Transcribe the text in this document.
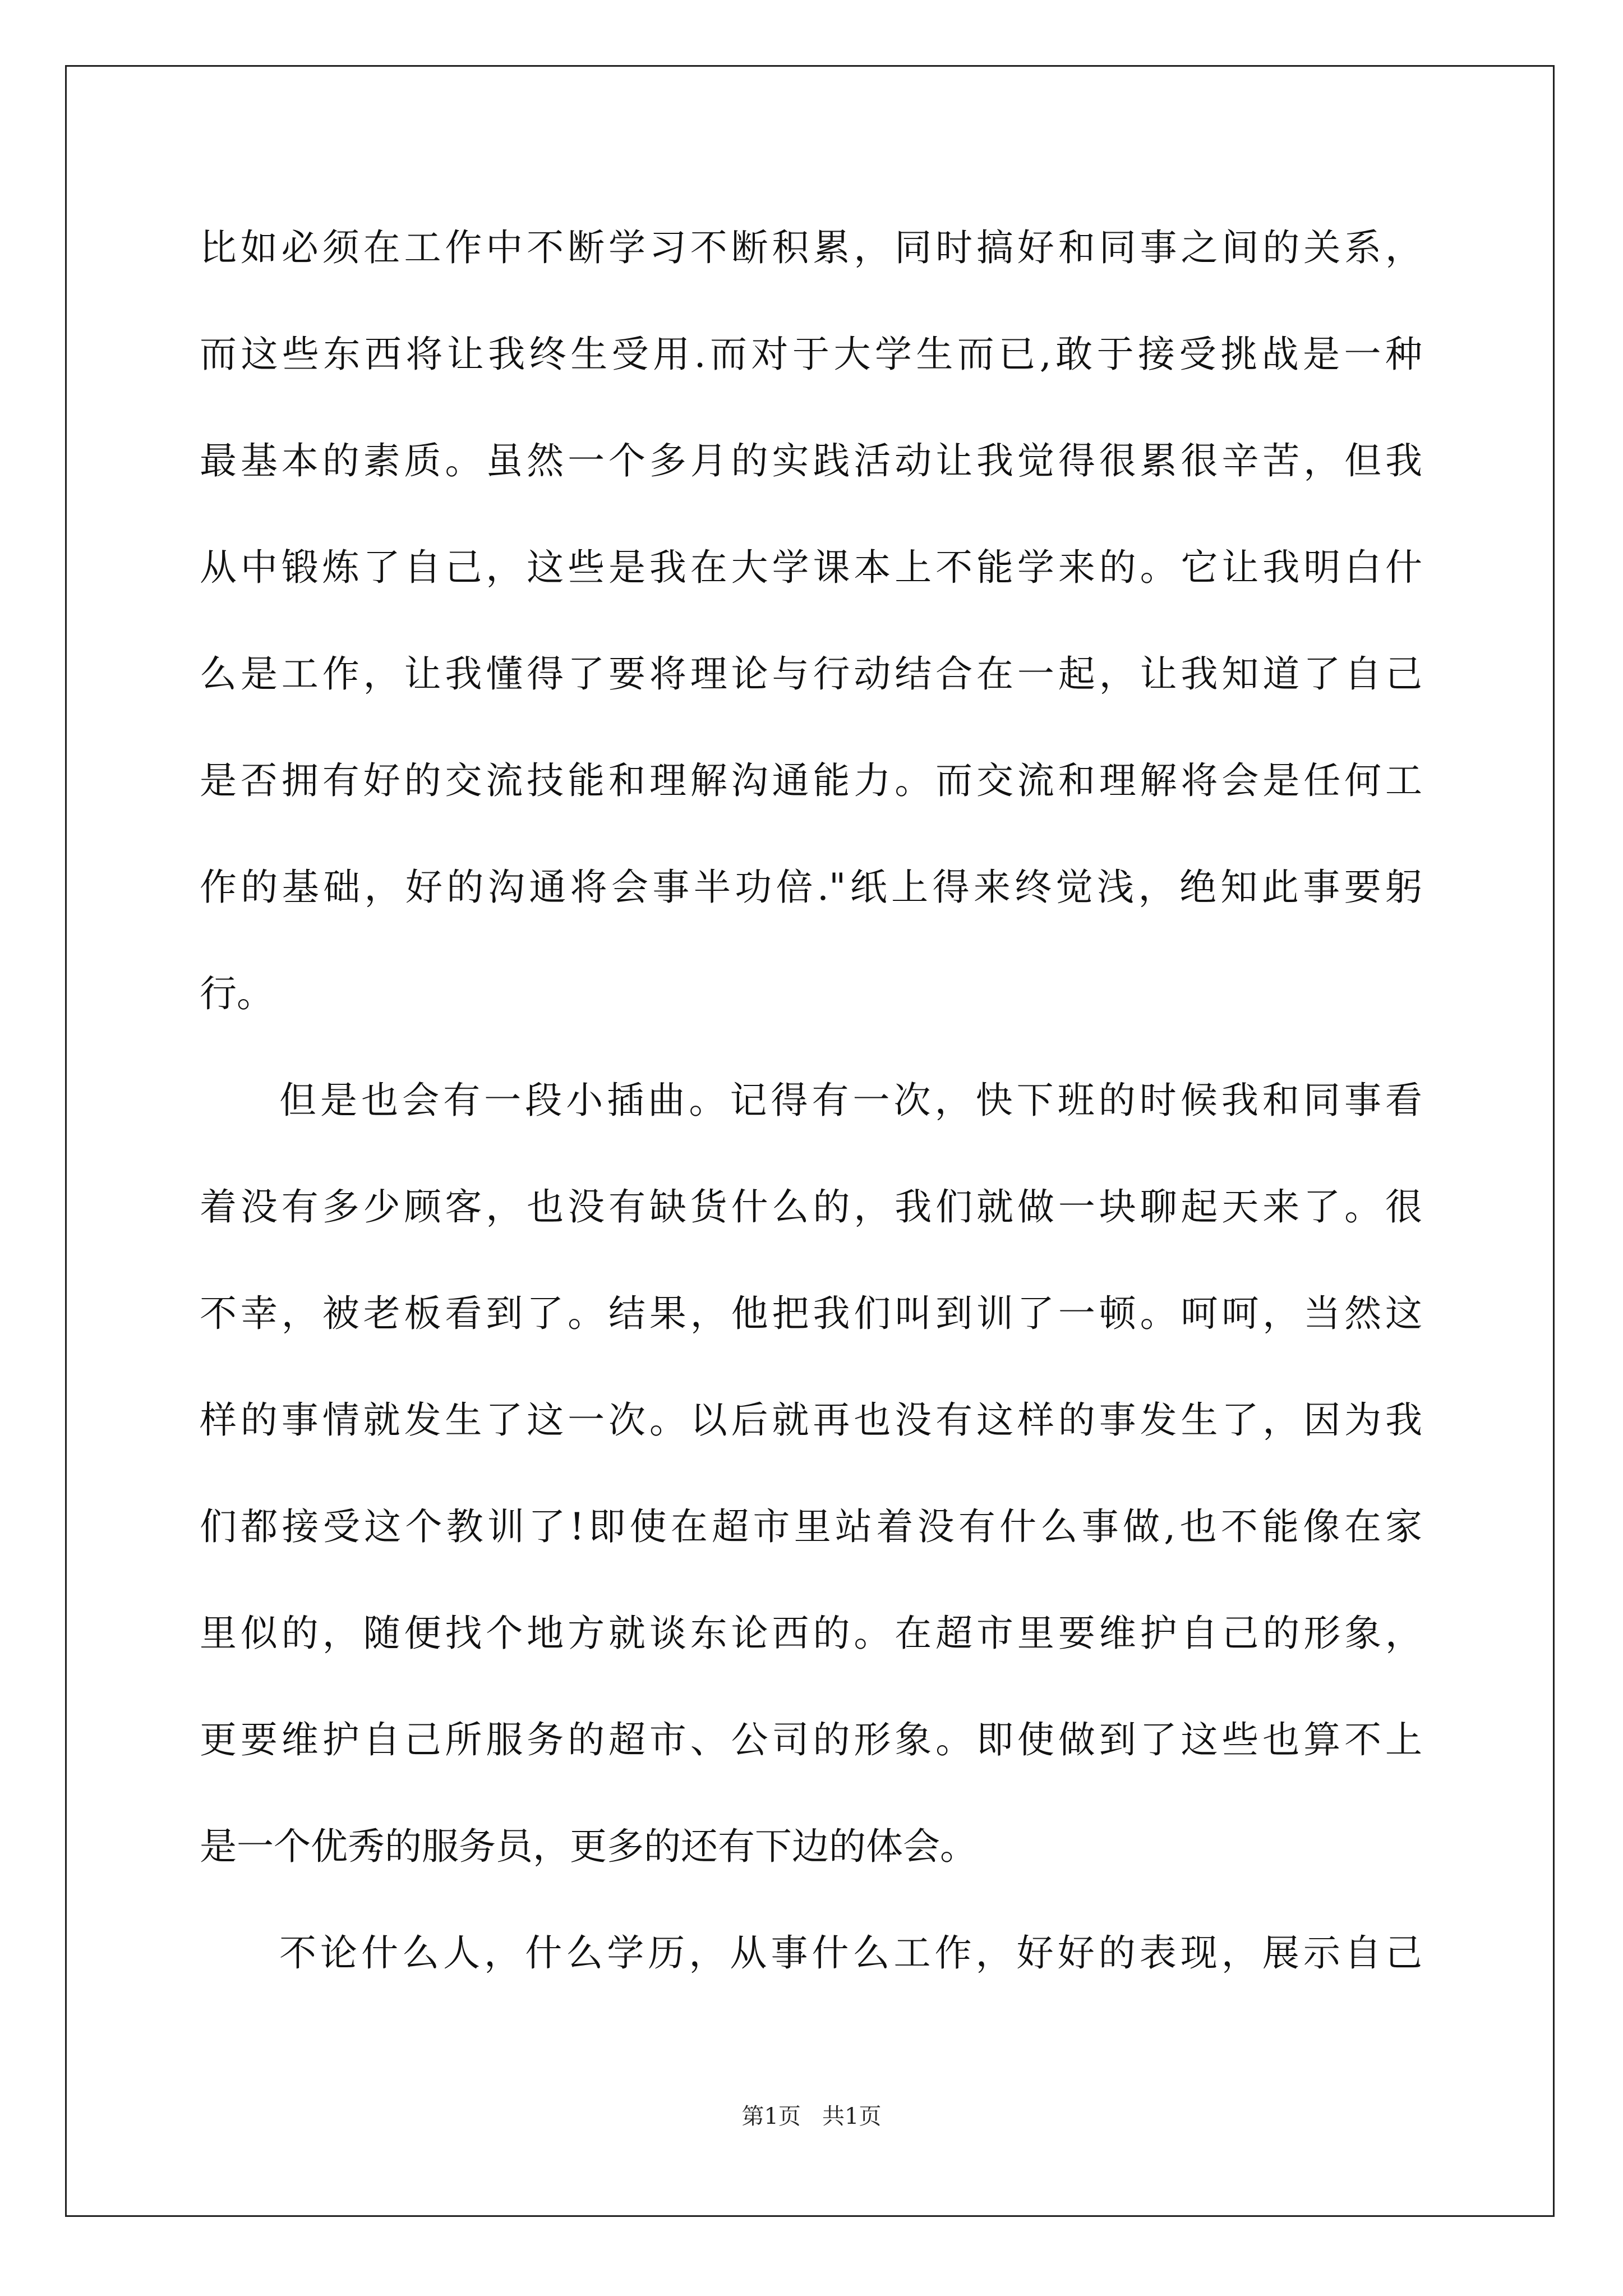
比如必须在工作中不断学习不断积累，同时搞好和同事之间的关系，
而这些东西将让我终生受用.而对于大学生而已,敢于接受挑战是一种
最基本的素质。虽然一个多月的实践活动让我觉得很累很辛苦，但我
从中锻炼了自己，这些是我在大学课本上不能学来的。它让我明白什
么是工作，让我懂得了要将理论与行动结合在一起，让我知道了自己
是否拥有好的交流技能和理解沟通能力。而交流和理解将会是任何工
作的基础，好的沟通将会事半功倍."纸上得来终觉浅，绝知此事要躬
行。
但是也会有一段小插曲。记得有一次，快下班的时候我和同事看
着没有多少顾客，也没有缺货什么的，我们就做一块聊起天来了。很
不幸，被老板看到了。结果，他把我们叫到训了一顿。呵呵，当然这
样的事情就发生了这一次。以后就再也没有这样的事发生了，因为我
们都接受这个教训了!即使在超市里站着没有什么事做,也不能像在家
里似的，随便找个地方就谈东论西的。在超市里要维护自己的形象，
更要维护自己所服务的超市、公司的形象。即使做到了这些也算不上
是一个优秀的服务员，更多的还有下边的体会。
不论什么人，什么学历，从事什么工作，好好的表现，展示自己
第1页   共1页
